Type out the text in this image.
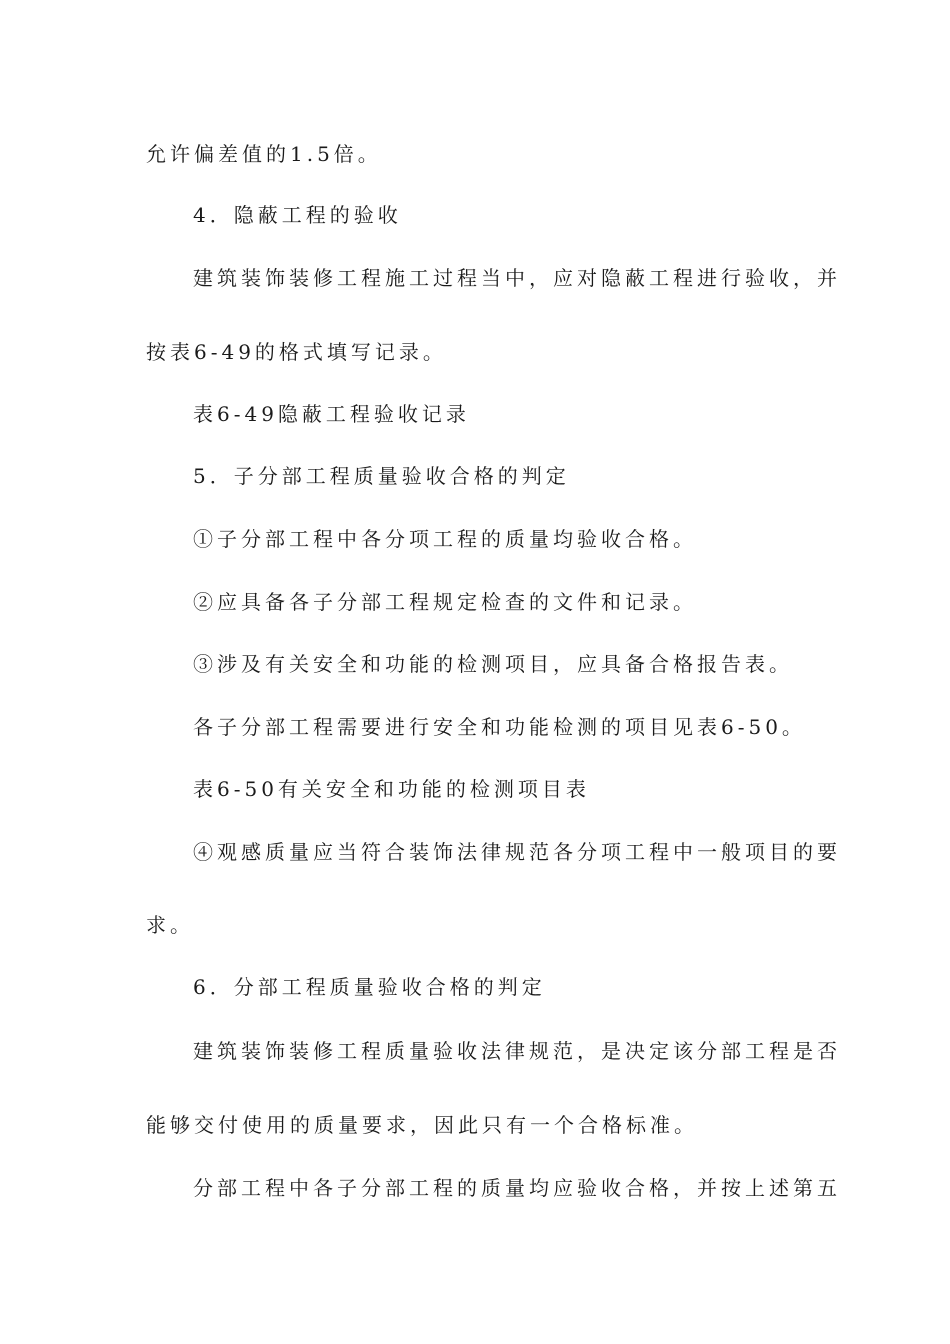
允许偏差值的1.5倍。
4．隐蔽工程的验收
建筑装饰装修工程施工过程当中，应对隐蔽工程进行验收，并
按表6-49的格式填写记录。
表6-49隐蔽工程验收记录
5．子分部工程质量验收合格的判定
①子分部工程中各分项工程的质量均验收合格。
②应具备各子分部工程规定检查的文件和记录。
③涉及有关安全和功能的检测项目，应具备合格报告表。
各子分部工程需要进行安全和功能检测的项目见表6-50。
表6-50有关安全和功能的检测项目表
④观感质量应当符合装饰法律规范各分项工程中一般项目的要
求。
6．分部工程质量验收合格的判定
建筑装饰装修工程质量验收法律规范，是决定该分部工程是否
能够交付使用的质量要求，因此只有一个合格标准。
分部工程中各子分部工程的质量均应验收合格，并按上述第五
